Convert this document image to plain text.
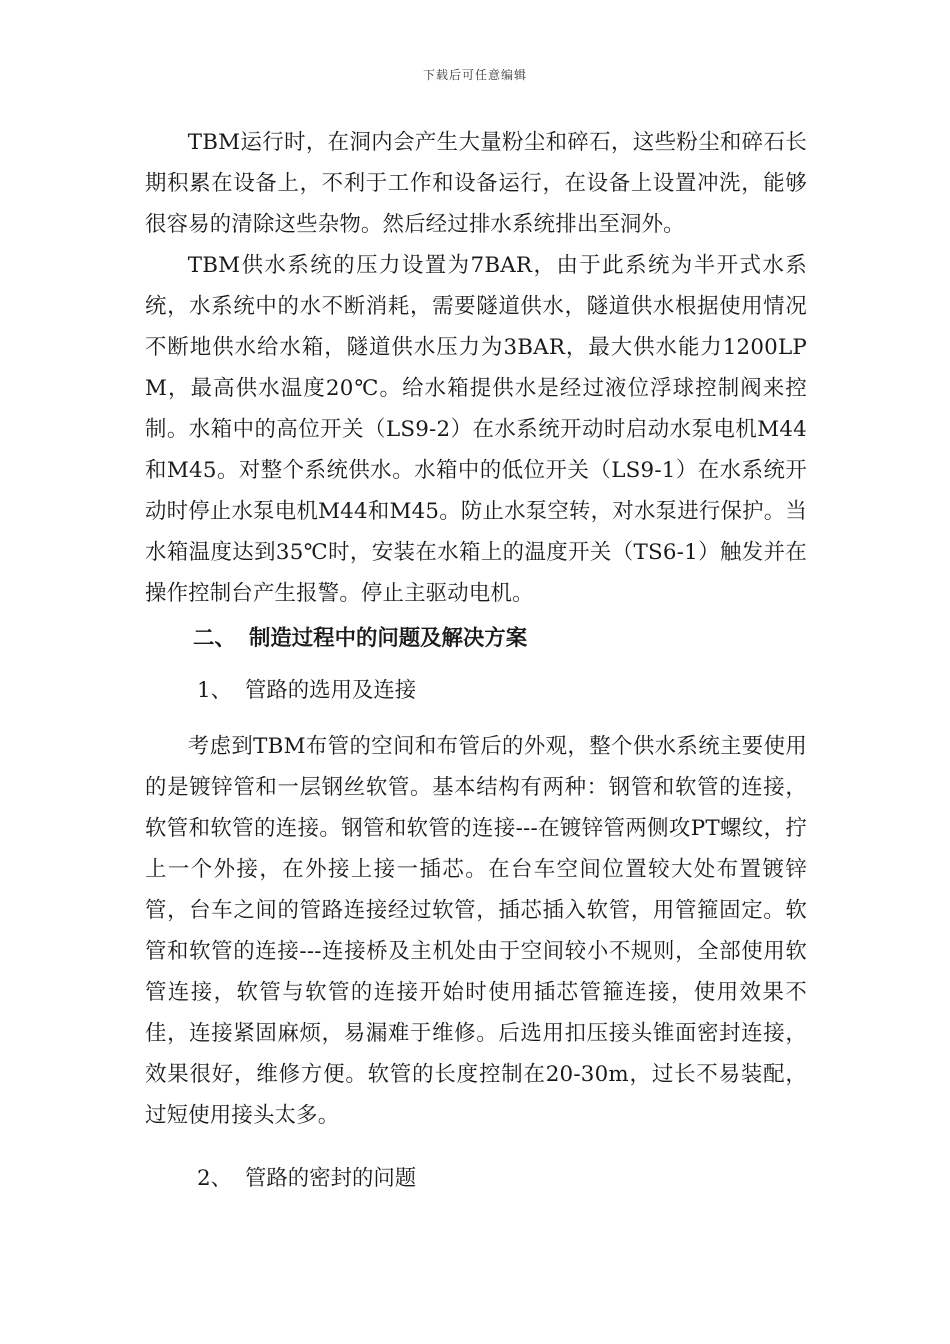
下载后可任意编辑

TBM运行时，在洞内会产生大量粉尘和碎石，这些粉尘和碎石长期积累在设备上，不利于工作和设备运行，在设备上设置冲洗，能够很容易的清除这些杂物。然后经过排水系统排出至洞外。

TBM供水系统的压力设置为7BAR，由于此系统为半开式水系统，水系统中的水不断消耗，需要隧道供水，隧道供水根据使用情况不断地供水给水箱，隧道供水压力为3BAR，最大供水能力1200LPM，最高供水温度20℃。给水箱提供水是经过液位浮球控制阀来控制。水箱中的高位开关（LS9-2）在水系统开动时启动水泵电机M44和M45。对整个系统供水。水箱中的低位开关（LS9-1）在水系统开动时停止水泵电机M44和M45。防止水泵空转，对水泵进行保护。当水箱温度达到35℃时，安装在水箱上的温度开关（TS6-1）触发并在操作控制台产生报警。停止主驱动电机。

二、 制造过程中的问题及解决方案
1、 管路的选用及连接

考虑到TBM布管的空间和布管后的外观，整个供水系统主要使用的是镀锌管和一层钢丝软管。基本结构有两种：钢管和软管的连接，软管和软管的连接。钢管和软管的连接---在镀锌管两侧攻PT螺纹，拧上一个外接，在外接上接一插芯。在台车空间位置较大处布置镀锌管，台车之间的管路连接经过软管，插芯插入软管，用管箍固定。软管和软管的连接---连接桥及主机处由于空间较小不规则，全部使用软管连接，软管与软管的连接开始时使用插芯管箍连接，使用效果不佳，连接紧固麻烦，易漏难于维修。后选用扣压接头锥面密封连接，效果很好，维修方便。软管的长度控制在20-30m，过长不易装配，过短使用接头太多。

2、 管路的密封的问题
